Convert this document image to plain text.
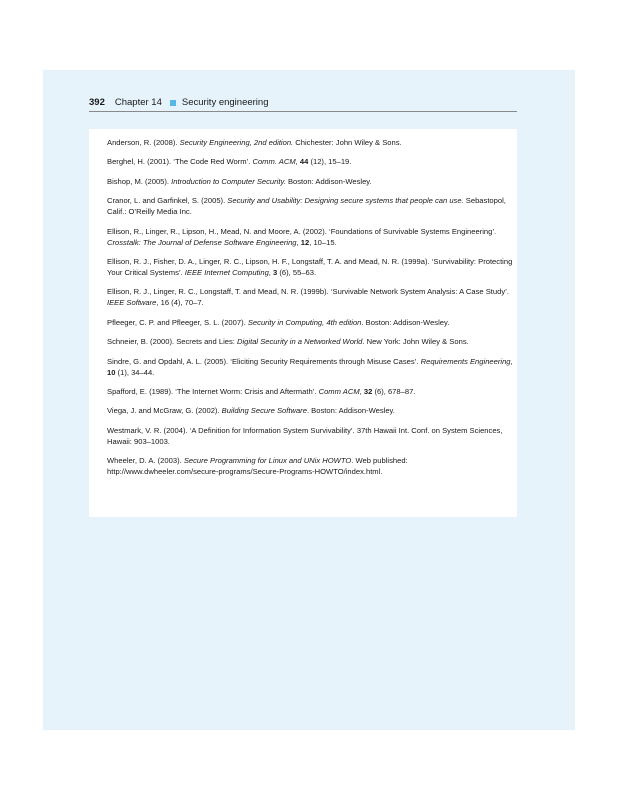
392 Chapter 14 Security engineering

Anderson, R. (2008). Security Engineering, 2nd edition. Chichester: John Wiley & Sons.

Berghel, H. (2001). ‘The Code Red Worm’. Comm. ACM, 44 (12), 15–19.

Bishop, M. (2005). Introduction to Computer Security. Boston: Addison-Wesley.

Cranor, L. and Garfinkel, S. (2005). Security and Usability: Designing secure systems that people can use. Sebastopol, Calif.: O’Reilly Media Inc.

Ellison, R., Linger, R., Lipson, H., Mead, N. and Moore, A. (2002). ‘Foundations of Survivable Systems Engineering’. Crosstalk: The Journal of Defense Software Engineering, 12, 10–15.

Ellison, R. J., Fisher, D. A., Linger, R. C., Lipson, H. F., Longstaff, T. A. and Mead, N. R. (1999a). ‘Survivability: Protecting Your Critical Systems’. IEEE Internet Computing, 3 (6), 55–63.

Ellison, R. J., Linger, R. C., Longstaff, T. and Mead, N. R. (1999b). ‘Survivable Network System Analysis: A Case Study’. IEEE Software, 16 (4), 70–7.

Pfleeger, C. P. and Pfleeger, S. L. (2007). Security in Computing, 4th edition. Boston: Addison-Wesley.

Schneier, B. (2000). Secrets and Lies: Digital Security in a Networked World. New York: John Wiley & Sons.

Sindre, G. and Opdahl, A. L. (2005). ‘Eliciting Security Requirements through Misuse Cases’. Requirements Engineering, 10 (1), 34–44.

Spafford, E. (1989). ‘The Internet Worm: Crisis and Aftermath’. Comm ACM, 32 (6), 678–87.

Viega, J. and McGraw, G. (2002). Building Secure Software. Boston: Addison-Wesley.

Westmark, V. R. (2004). ‘A Definition for Information System Survivability’. 37th Hawaii Int. Conf. on System Sciences, Hawaii: 903–1003.

Wheeler, D. A. (2003). Secure Programming for Linux and UNix HOWTO. Web published: http://www.dwheeler.com/secure-programs/Secure-Programs-HOWTO/index.html.
